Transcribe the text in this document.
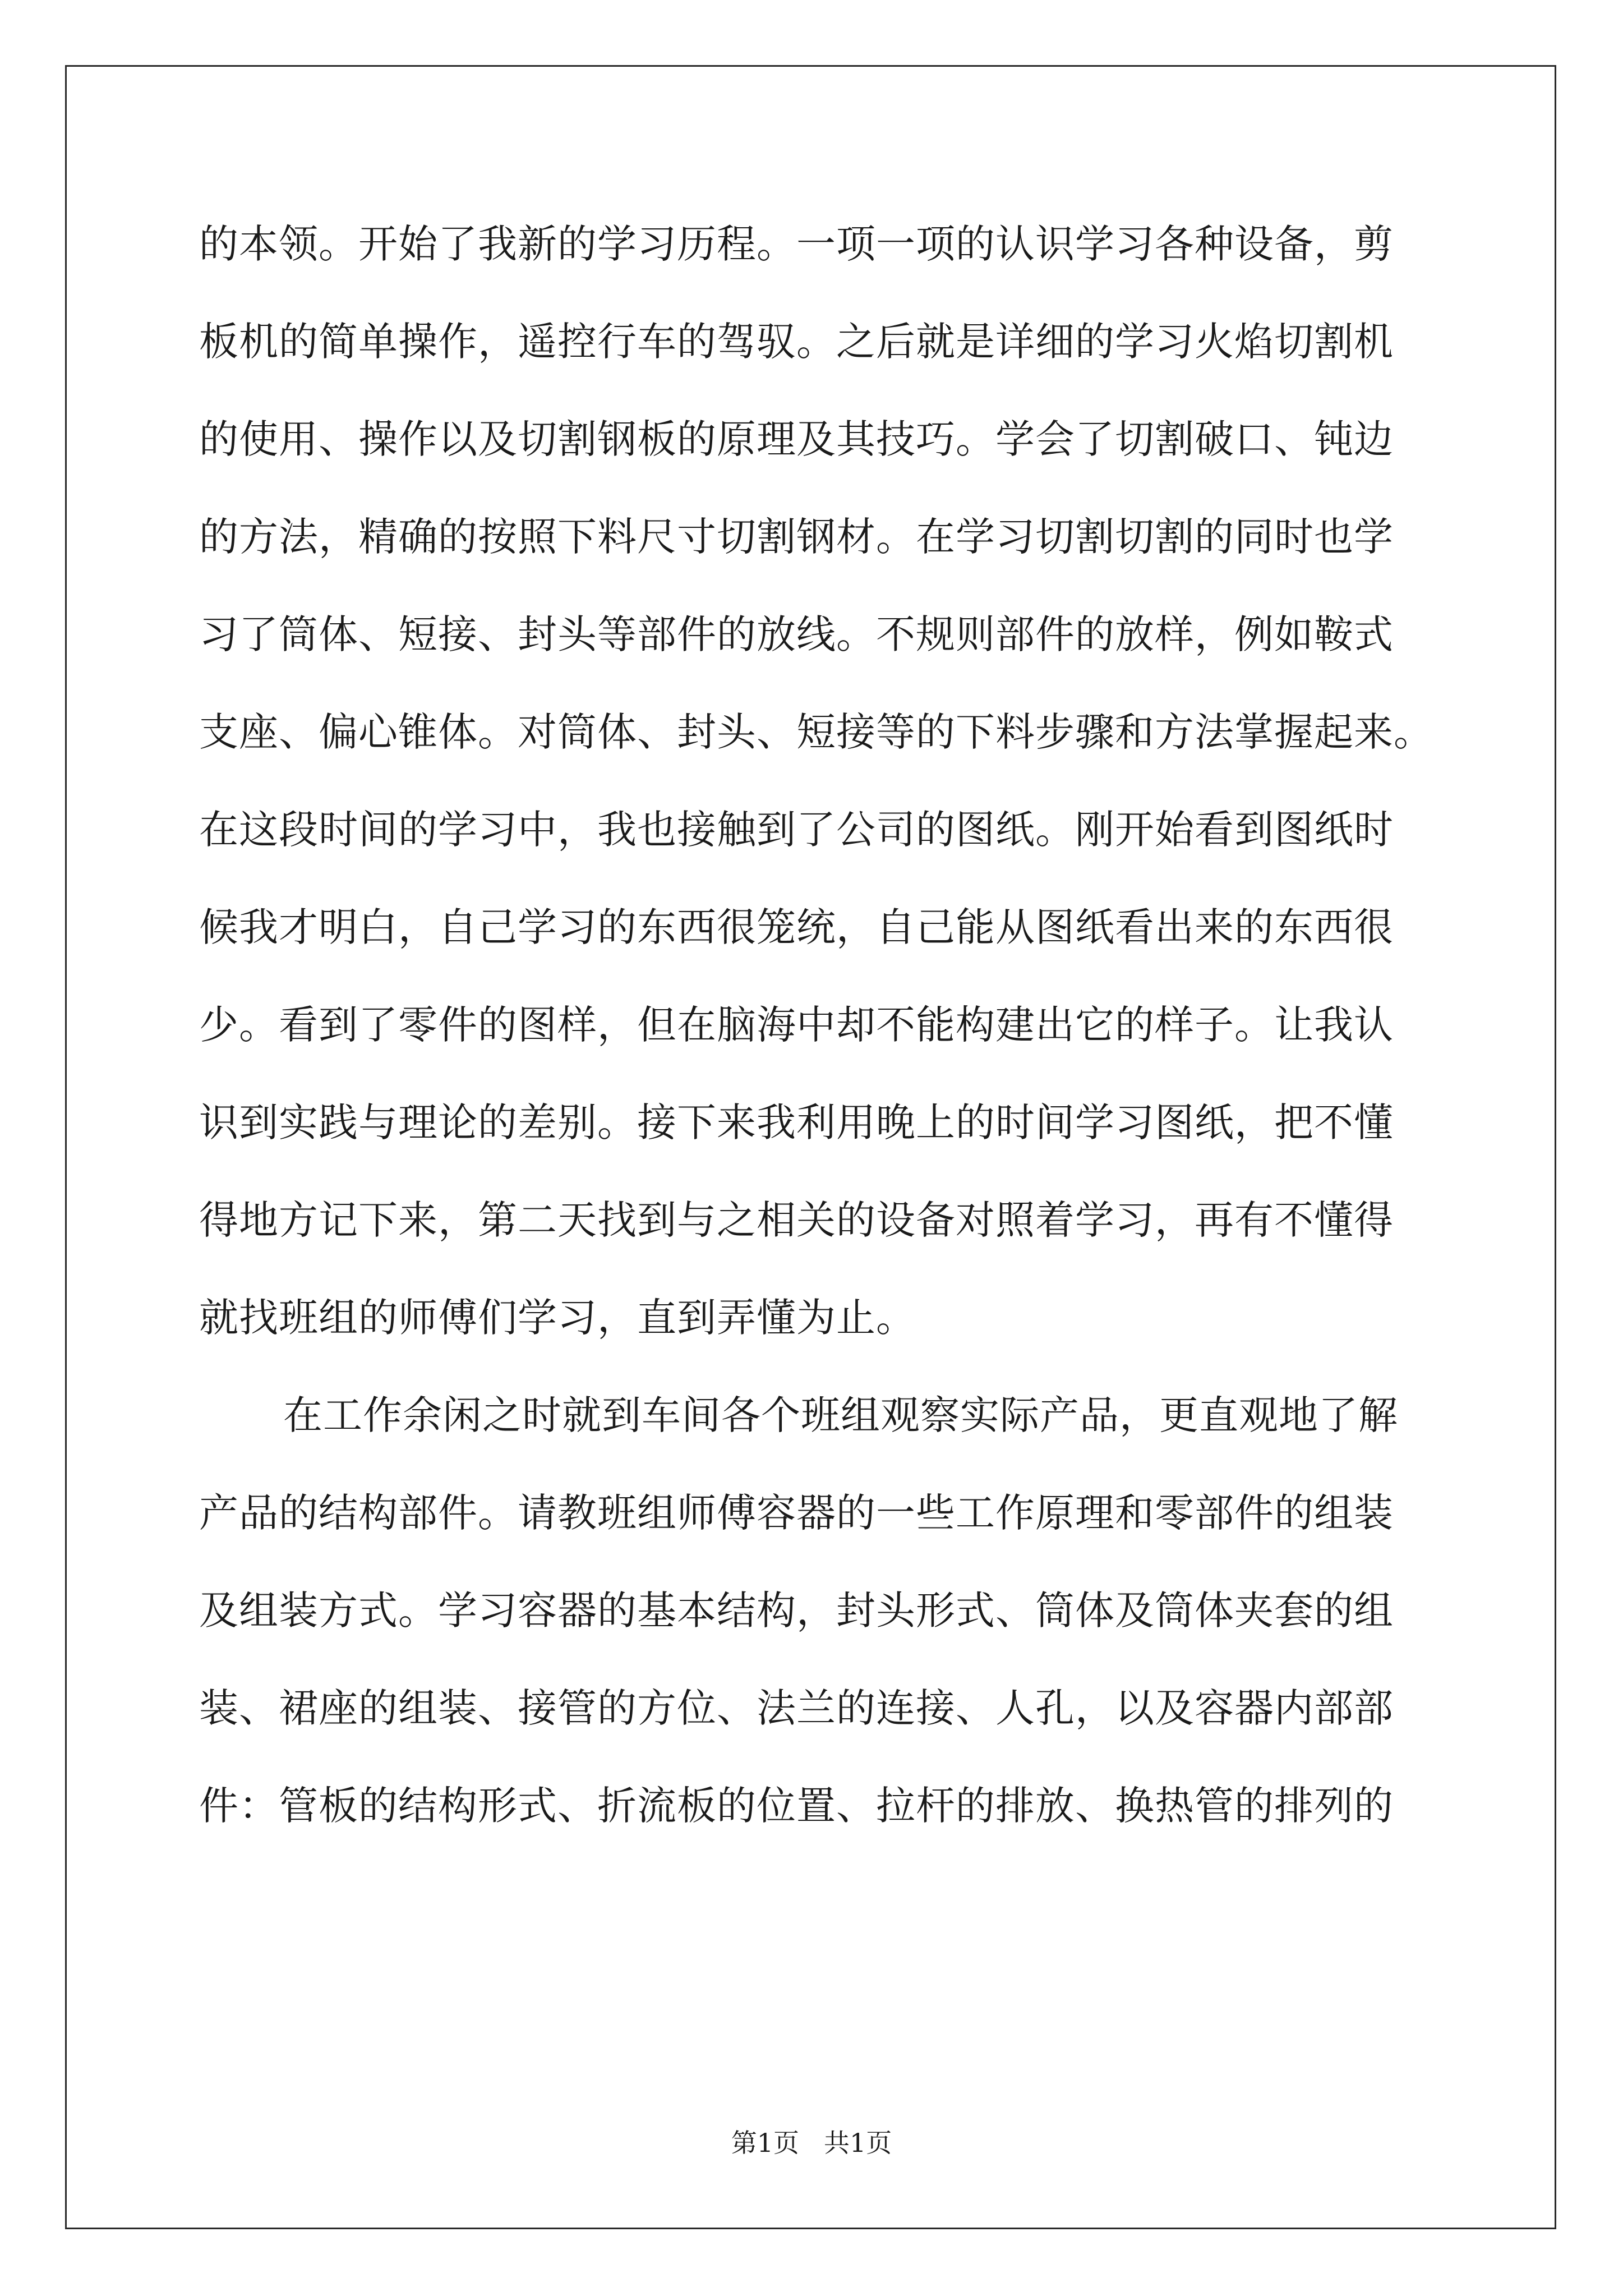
的本领。开始了我新的学习历程。一项一项的认识学习各种设备，剪
板机的简单操作，遥控行车的驾驭。之后就是详细的学习火焰切割机
的使用、操作以及切割钢板的原理及其技巧。学会了切割破口、钝边
的方法，精确的按照下料尺寸切割钢材。在学习切割切割的同时也学
习了筒体、短接、封头等部件的放线。不规则部件的放样，例如鞍式
支座、偏心锥体。对筒体、封头、短接等的下料步骤和方法掌握起来。
在这段时间的学习中，我也接触到了公司的图纸。刚开始看到图纸时
候我才明白，自己学习的东西很笼统，自己能从图纸看出来的东西很
少。看到了零件的图样，但在脑海中却不能构建出它的样子。让我认
识到实践与理论的差别。接下来我利用晚上的时间学习图纸，把不懂
得地方记下来，第二天找到与之相关的设备对照着学习，再有不懂得
就找班组的师傅们学习，直到弄懂为止。
在工作余闲之时就到车间各个班组观察实际产品，更直观地了解
产品的结构部件。请教班组师傅容器的一些工作原理和零部件的组装
及组装方式。学习容器的基本结构，封头形式、筒体及筒体夹套的组
装、裙座的组装、接管的方位、法兰的连接、人孔，以及容器内部部
件：管板的结构形式、折流板的位置、拉杆的排放、换热管的排列的
第1页 共1页
